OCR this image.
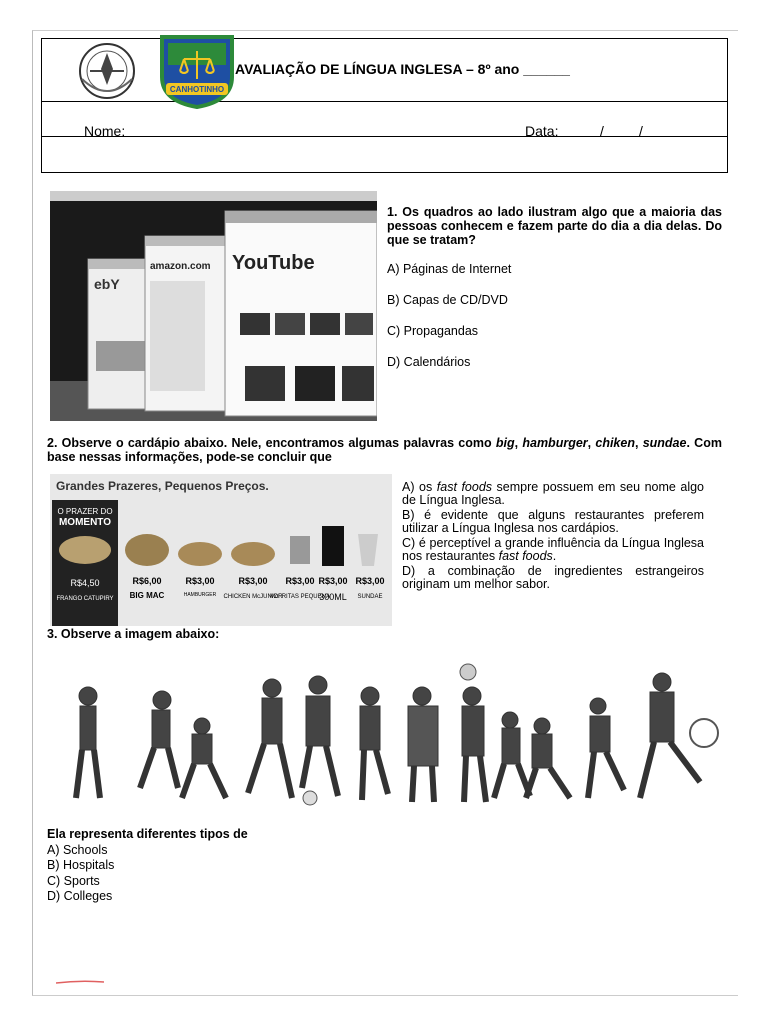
CANHOTINHO
AVALIAÇÃO DE LÍNGUA INGLESA – 8º ano ______
Nome:	Data:	/	/
ebY
amazon.com YouTube
1. Os quadros ao lado ilustram algo que a maioria das pessoas conhecem e fazem parte do dia a dia delas. Do que se tratam?
A) Páginas de Internet
B) Capas de CD/DVD
C) Propagandas
D) Calendários
2. Observe o cardápio abaixo. Nele, encontramos algumas palavras como big, hamburger, chiken, sundae. Com base nessas informações, pode-se concluir que
Grandes Prazeres, Pequenos Preços.
O PRAZER DO
MOMENTO
R$4,50
FRANGO CATUPIRY
R$6,00
BIG MAC
R$3,00
HAMBURGER
R$3,00
CHICKEN McJUNIOR
R$3,00
McFRITAS PEQUENA
R$3,00
300ML
R$3,00
SUNDAE
A) os fast foods sempre possuem em seu nome algo de Língua Inglesa.
B) é evidente que alguns restaurantes preferem utilizar a Língua Inglesa nos cardápios.
C) é perceptível a grande influência da Língua Inglesa nos restaurantes fast foods.
D) a combinação de ingredientes estrangeiros originam um melhor sabor.
3. Observe a imagem abaixo:
Ela representa diferentes tipos de
A) Schools
B) Hospitals
C) Sports
D) Colleges
